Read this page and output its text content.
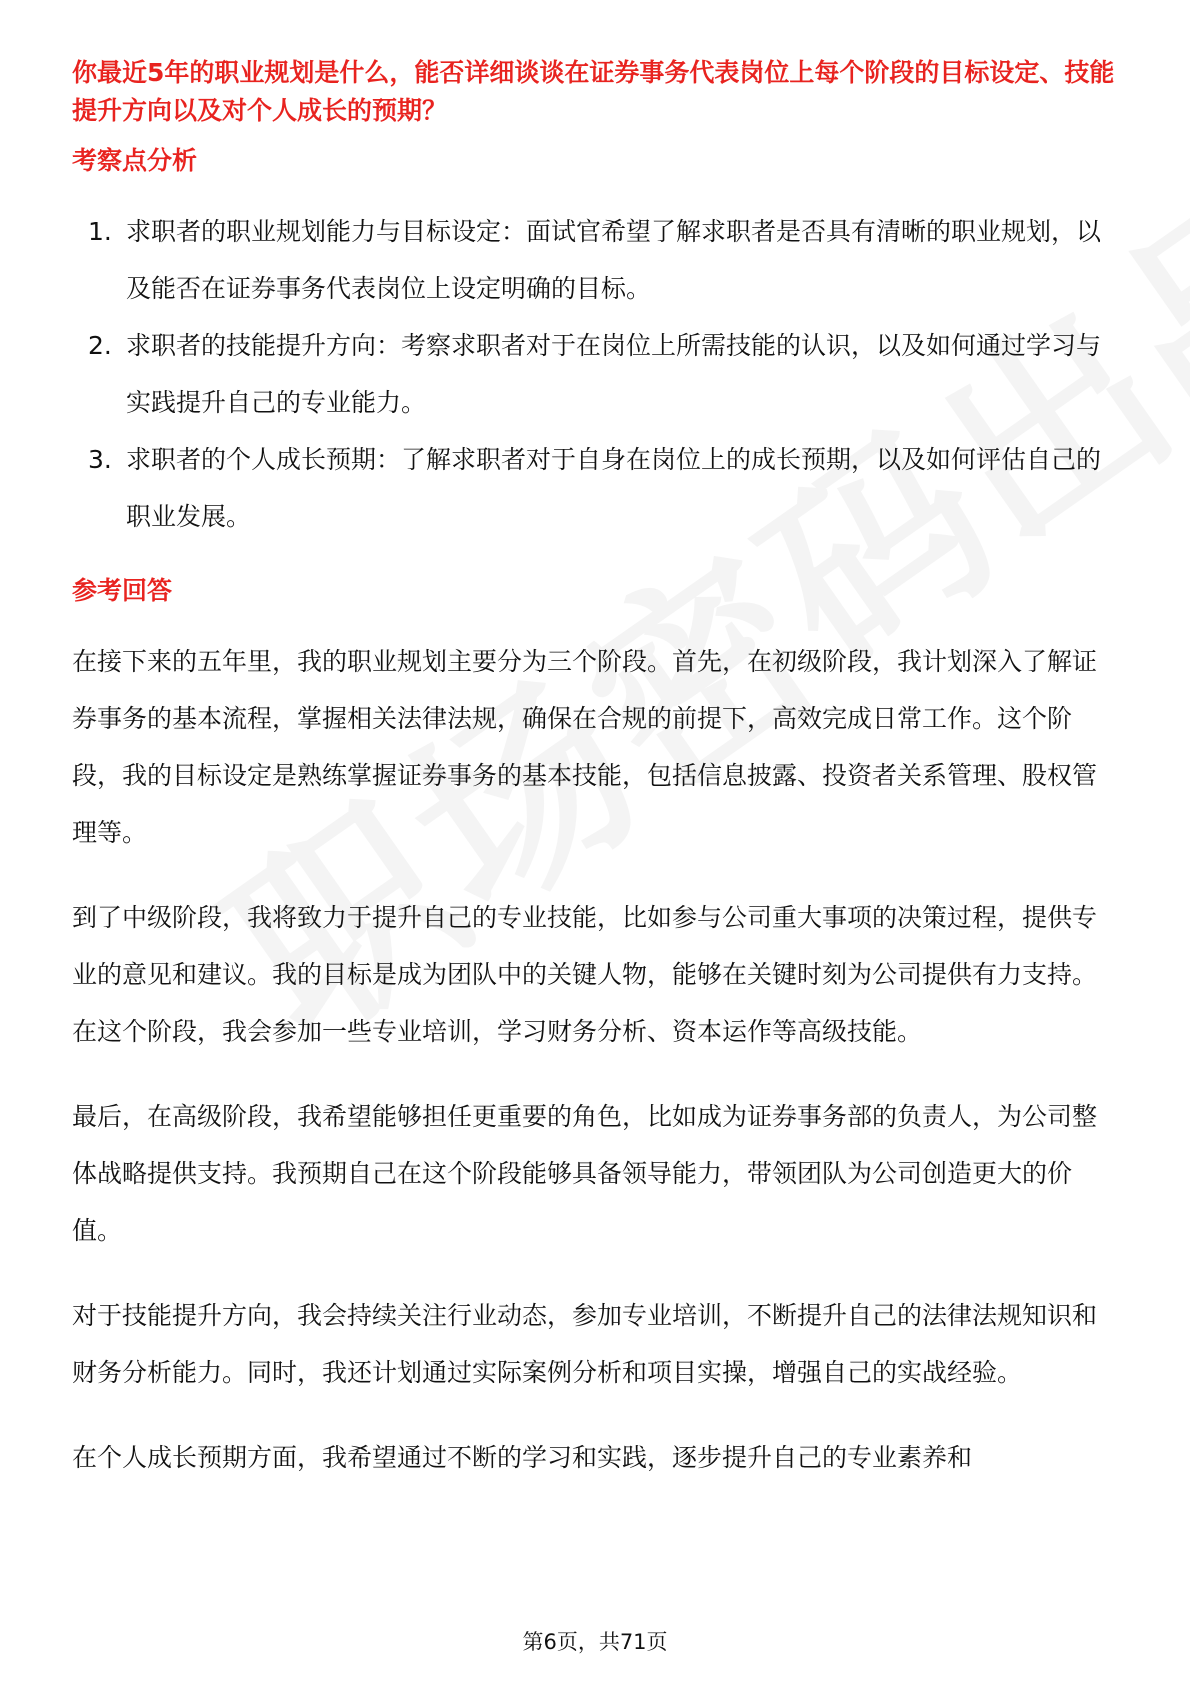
你最近5年的职业规划是什么，能否详细谈谈在证券事务代表岗位上每个阶段的目标设定、技能提升方向以及对个人成长的预期？

考察点分析

1. 求职者的职业规划能力与目标设定：面试官希望了解求职者是否具有清晰的职业规划，以及能否在证券事务代表岗位上设定明确的目标。
2. 求职者的技能提升方向：考察求职者对于在岗位上所需技能的认识，以及如何通过学习与实践提升自己的专业能力。
3. 求职者的个人成长预期：了解求职者对于自身在岗位上的成长预期，以及如何评估自己的职业发展。

参考回答

在接下来的五年里，我的职业规划主要分为三个阶段。首先，在初级阶段，我计划深入了解证券事务的基本流程，掌握相关法律法规，确保在合规的前提下，高效完成日常工作。这个阶段，我的目标设定是熟练掌握证券事务的基本技能，包括信息披露、投资者关系管理、股权管理等。

到了中级阶段，我将致力于提升自己的专业技能，比如参与公司重大事项的决策过程，提供专业的意见和建议。我的目标是成为团队中的关键人物，能够在关键时刻为公司提供有力支持。在这个阶段，我会参加一些专业培训，学习财务分析、资本运作等高级技能。

最后，在高级阶段，我希望能够担任更重要的角色，比如成为证券事务部的负责人，为公司整体战略提供支持。我预期自己在这个阶段能够具备领导能力，带领团队为公司创造更大的价值。

对于技能提升方向，我会持续关注行业动态，参加专业培训，不断提升自己的法律法规知识和财务分析能力。同时，我还计划通过实际案例分析和项目实操，增强自己的实战经验。

在个人成长预期方面，我希望通过不断的学习和实践，逐步提升自己的专业素养和

第6页，共71页
